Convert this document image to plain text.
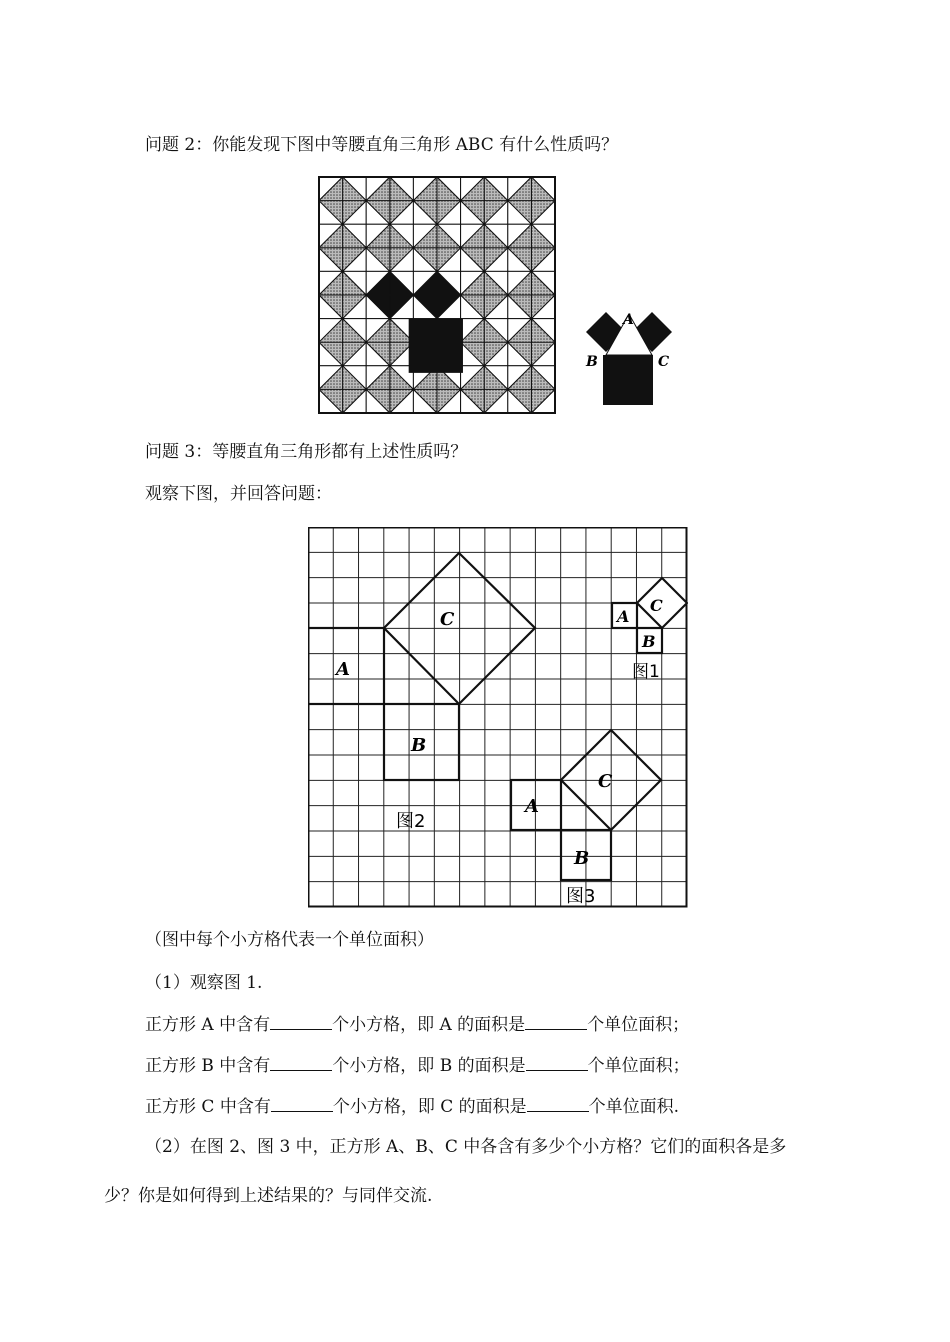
问题 2：你能发现下图中等腰直角三角形 ABC 有什么性质吗？
A
B	C
问题 3：等腰直角三角形都有上述性质吗？
观察下图，并回答问题：
A
B
C
图1
A
B
C
图2
A
B
C
图3
（图中每个小方格代表一个单位面积）
（1）观察图 1.
正方形 A 中含有	个小方格，即 A 的面积是	个单位面积；
正方形 B 中含有	个小方格，即 B 的面积是	个单位面积；
正方形 C 中含有	个小方格，即 C 的面积是	个单位面积.
（2）在图 2、图 3 中，正方形 A、B、C 中各含有多少个小方格？它们的面积各是多
少？你是如何得到上述结果的？与同伴交流.
